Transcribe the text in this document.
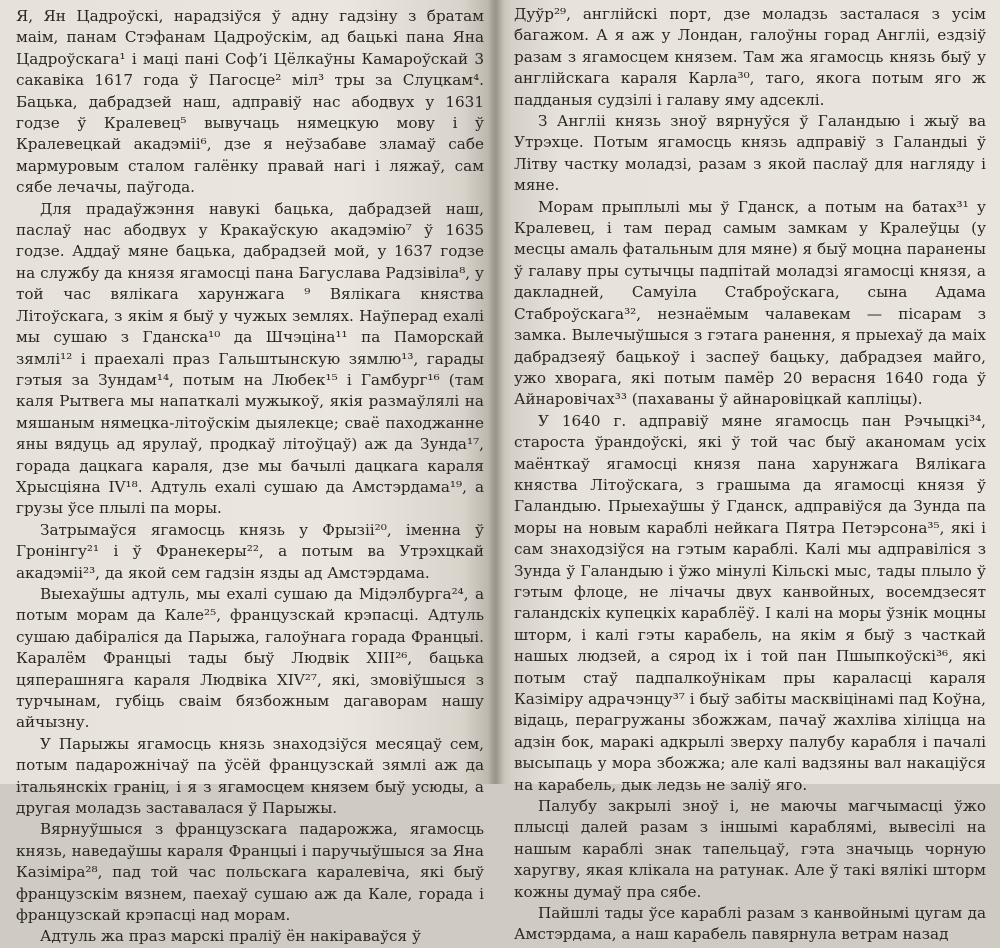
Я, Ян Цадроўскі, нарадзіўся ў адну гадзіну з братам маім, панам Стэфанам Цадроўскім, ад бацькі пана Яна Цадроўскага¹ і маці пані Софʼі Цёлкаўны Камароўскай 3 сакавіка 1617 года ў Пагосце² міл³ тры за Слуцкам⁴. Бацька, дабрадзей наш, адправіў нас абодвух у 1631 годзе ў Кралевец⁵ вывучаць нямецкую мову і ў Кралевецкай акадэміі⁶, дзе я неўзабаве зламаў сабе мармуровым сталом галёнку правай нагі і ляжаў, сам сябе лечачы, паўгода.

Для прадаўжэння навукі бацька, дабрадзей наш, паслаў нас абодвух у Кракаўскую акадэмію⁷ ў 1635 годзе. Аддаў мяне бацька, дабрадзей мой, у 1637 годзе на службу да князя ягамосці пана Багуслава Радзівіла⁸, у той час вялікага харунжага ⁹ Вялікага княства Літоўскага, з якім я быў у чужых землях. Наўперад ехалі мы сушаю з Гданска¹⁰ да Шчэціна¹¹ па Паморскай зямлі¹² і праехалі праз Гальштынскую зямлю¹³, гарады гэтыя за Зундам¹⁴, потым на Любек¹⁵ і Гамбург¹⁶ (там каля Рытвега мы напаткалі мужыкоў, якія размаўлялі на мяшаным нямецка-літоўскім дыялекце; сваё паходжанне яны вядуць ад ярулаў, продкаў літоўцаў) аж да Зунда¹⁷, горада дацкага караля, дзе мы бачылі дацкага караля Хрысціяна IV¹⁸. Адтуль ехалі сушаю да Амстэрдама¹⁹, а грузы ўсе плылі па моры.

Затрымаўся ягамосць князь у Фрызіі²⁰, іменна ў Гронінгу²¹ і ў Франекеры²², а потым ва Утрэхцкай акадэміі²³, да якой сем гадзін язды ад Амстэрдама.

Выехаўшы адтуль, мы ехалі сушаю да Мідэлбурга²⁴, а потым морам да Кале²⁵, французскай крэпасці. Адтуль сушаю дабіраліся да Парыжа, галоўнага горада Францыі. Каралём Францыі тады быў Людвік XIII²⁶, бацька цяперашняга караля Людвіка XIV²⁷, які, змовіўшыся з турчынам, губіць сваім бязбожным дагаворам нашу айчызну.

У Парыжы ягамосць князь знаходзіўся месяцаў сем, потым падарожнічаў па ўсёй французскай зямлі аж да італьянскіх граніц, і я з ягамосцем князем быў усюды, а другая моладзь заставалася ў Парыжы.

Вярнуўшыся з французскага падарожжа, ягамосць князь, наведаўшы караля Францыі і паручыўшыся за Яна Казіміра²⁸, пад той час польскага каралевіча, які быў французскім вязнем, паехаў сушаю аж да Кале, горада і французскай крэпасці над морам.

Адтуль жа праз марскі праліў ён накіраваўся ў

Дуўр²⁹, англійскі порт, дзе моладзь засталася з усім багажом. А я аж у Лондан, галоўны горад Англіі, ездзіў разам з ягамосцем князем. Там жа ягамосць князь быў у англійскага караля Карла³⁰, таго, якога потым яго ж падданыя судзілі і галаву яму адсеклі.

З Англіі князь зноў вярнуўся ў Галандыю і жыў ва Утрэхце. Потым ягамосць князь адправіў з Галандыі ў Літву частку моладзі, разам з якой паслаў для нагляду і мяне.

Морам прыплылі мы ў Гданск, а потым на батах³¹ у Кралевец, і там перад самым замкам у Кралеўцы (у месцы амаль фатальным для мяне) я быў моцна паранены ў галаву пры сутычцы падпітай моладзі ягамосці князя, а дакладней, Самуіла Стаброўскага, сына Адама Стаброўскага³², незнаёмым чалавекам — пісарам з замка. Вылечыўшыся з гэтага ранення, я прыехаў да маіх дабрадзеяў бацькоў і заспеў бацьку, дабрадзея майго, ужо хворага, які потым памёр 20 верасня 1640 года ў Айнаровічах³³ (пахаваны ў айнаровіцкай капліцы).

У 1640 г. адправіў мяне ягамосць пан Рэчыцкі³⁴, староста ўрандоўскі, які ў той час быў аканомам усіх маёнткаў ягамосці князя пана харунжага Вялікага княства Літоўскага, з грашыма да ягамосці князя ў Галандыю. Прыехаўшы ў Гданск, адправіўся да Зунда па моры на новым караблі нейкага Пятра Петэрсона³⁵, які і сам знаходзіўся на гэтым караблі. Калі мы адправіліся з Зунда ў Галандыю і ўжо мінулі Кільскі мыс, тады плыло ў гэтым флоце, не лічачы двух канвойных, восемдзесят галандскіх купецкіх караблёў. І калі на моры ўзнік моцны шторм, і калі гэты карабель, на якім я быў з часткай нашых людзей, а сярод іх і той пан Пшыпкоўскі³⁶, які потым стаў падпалкоўнікам пры караласці караля Казіміру адрачэнцу³⁷ і быў забіты масквіцінамі пад Коўна, відаць, перагружаны збожжам, пачаў жахліва хіліцца на адзін бок, маракі адкрылі зверху палубу карабля і пачалі высыпаць у мора збожжа; але калі вадзяны вал накаціўся на карабель, дык ледзь не заліў яго.

Палубу закрылі зноў і, не маючы магчымасці ўжо плысці далей разам з іншымі караблямі, вывесілі на нашым караблі знак тапельцаў, гэта значыць чорную харугву, якая клікала на ратунак. Але ў такі вялікі шторм кожны думаў пра сябе.

Пайшлі тады ўсе караблі разам з канвойнымі цугам да Амстэрдама, а наш карабель павярнула ветрам назад
